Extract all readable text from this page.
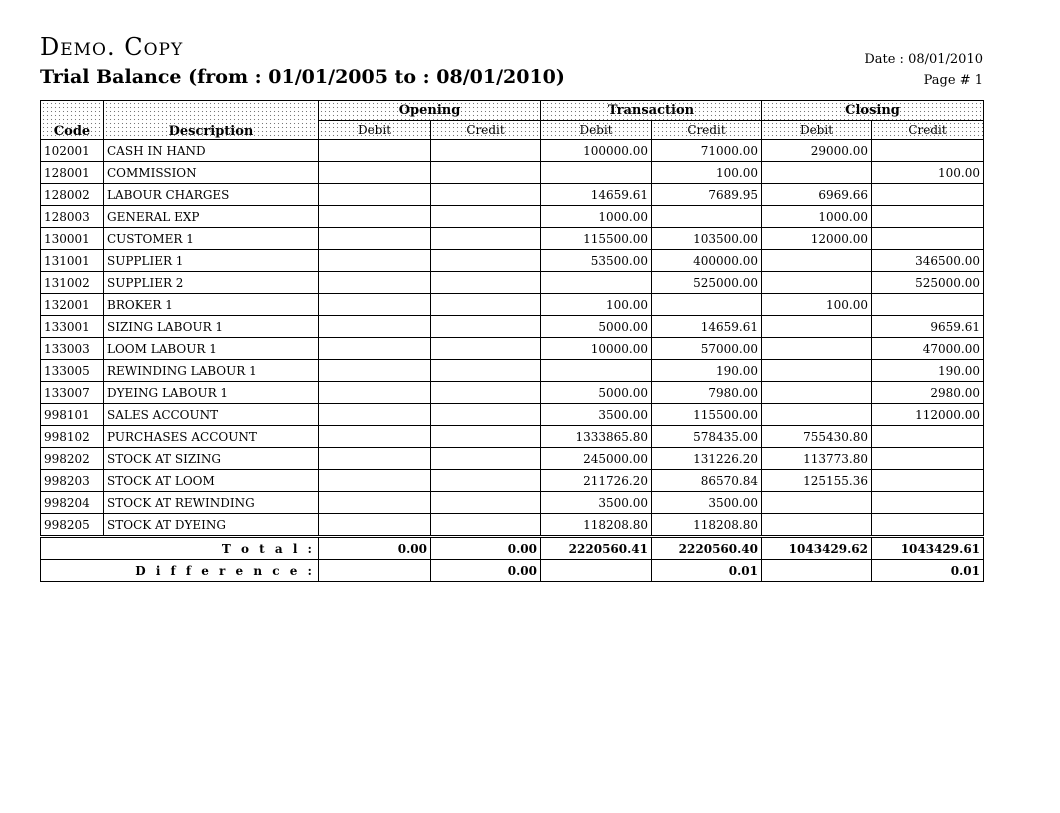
Demo. Copy
Trial Balance (from : 01/01/2005 to : 08/01/2010)
Date : 08/01/2010
Page # 1
Code	Description	Opening		Transaction		Closing	
		Debit	Credit	Debit	Credit	Debit	Credit
102001	CASH IN HAND			100000.00	71000.00	29000.00	
128001	COMMISSION				100.00		100.00
128002	LABOUR CHARGES			14659.61	7689.95	6969.66	
128003	GENERAL EXP			1000.00		1000.00	
130001	CUSTOMER 1			115500.00	103500.00	12000.00	
131001	SUPPLIER 1			53500.00	400000.00		346500.00
131002	SUPPLIER 2				525000.00		525000.00
132001	BROKER 1			100.00		100.00	
133001	SIZING LABOUR 1			5000.00	14659.61		9659.61
133003	LOOM LABOUR 1			10000.00	57000.00		47000.00
133005	REWINDING LABOUR 1				190.00		190.00
133007	DYEING LABOUR 1			5000.00	7980.00		2980.00
998101	SALES ACCOUNT			3500.00	115500.00		112000.00
998102	PURCHASES ACCOUNT			1333865.80	578435.00	755430.80	
998202	STOCK AT SIZING			245000.00	131226.20	113773.80	
998203	STOCK AT LOOM			211726.20	86570.84	125155.36	
998204	STOCK AT REWINDING			3500.00	3500.00		
998205	STOCK AT DYEING			118208.80	118208.80		
T o t a l :		0.00	0.00	2220560.41	2220560.40	1043429.62	1043429.61
D i f f e r e n c e :			0.00		0.01		0.01
